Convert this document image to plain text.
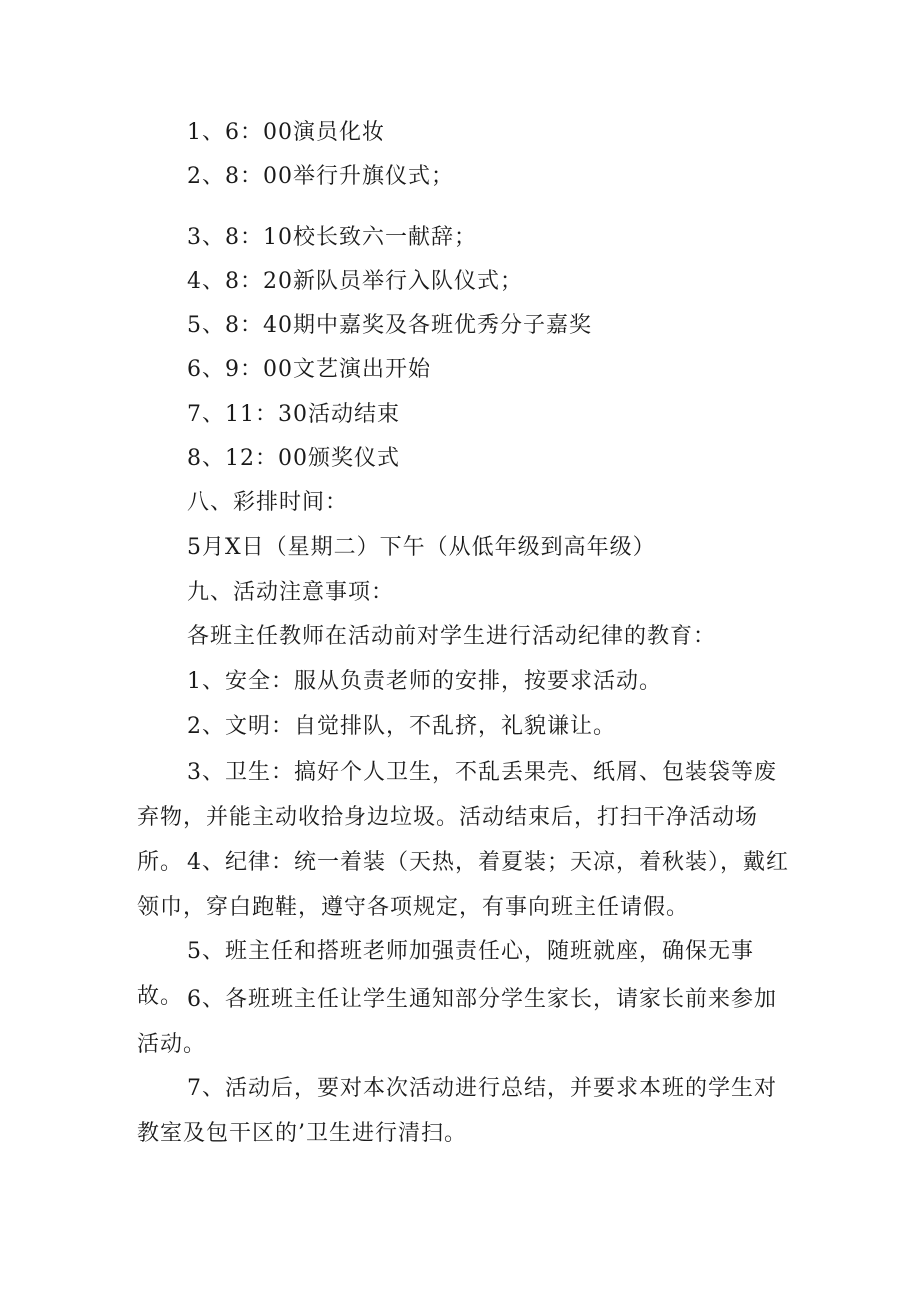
1、6：00演员化妆
2、8：00举行升旗仪式；
3、8：10校长致六一献辞；
4、8：20新队员举行入队仪式；
5、8：40期中嘉奖及各班优秀分子嘉奖
6、9：00文艺演出开始
7、11：30活动结束
8、12：00颁奖仪式
八、彩排时间：
5月X日（星期二）下午（从低年级到高年级）
九、活动注意事项：
各班主任教师在活动前对学生进行活动纪律的教育：
1、安全：服从负责老师的安排，按要求活动。
2、文明：自觉排队，不乱挤，礼貌谦让。
3、卫生：搞好个人卫生，不乱丢果壳、纸屑、包装袋等废弃物，并能主动收拾身边垃圾。活动结束后，打扫干净活动场所。 4、纪律：统一着装（天热，着夏装；天凉，着秋装），戴红领巾，穿白跑鞋，遵守各项规定，有事向班主任请假。
5、班主任和搭班老师加强责任心，随班就座，确保无事故。 6、各班班主任让学生通知部分学生家长，请家长前来参加活动。
7、活动后，要对本次活动进行总结，并要求本班的学生对教室及包干区的’卫生进行清扫。
